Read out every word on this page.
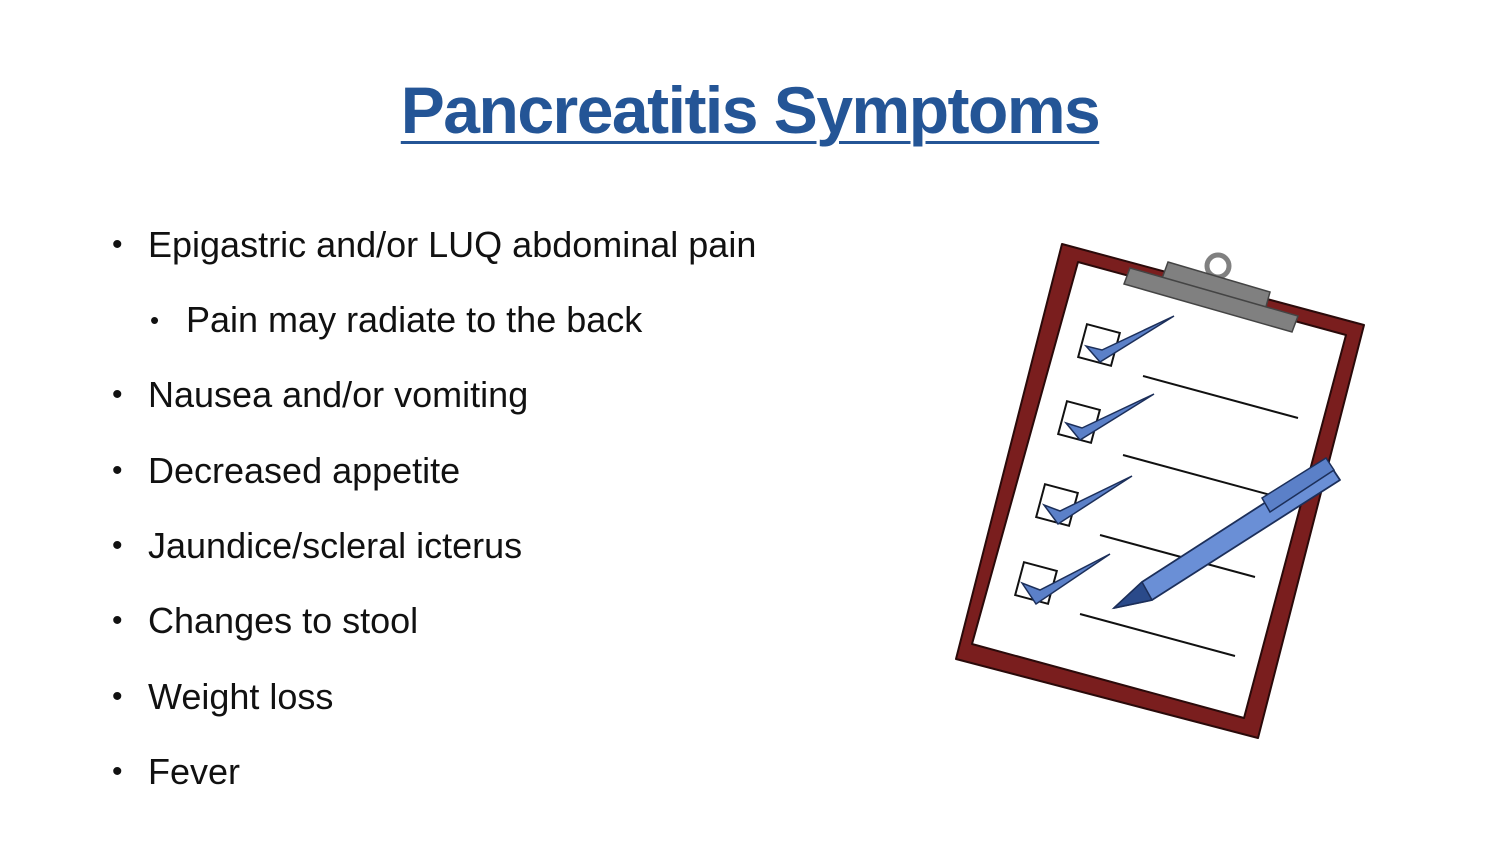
Pancreatitis Symptoms
• Epigastric and/or LUQ abdominal pain
• Pain may radiate to the back
• Nausea and/or vomiting
• Decreased appetite
• Jaundice/scleral icterus
• Changes to stool
• Weight loss
• Fever
